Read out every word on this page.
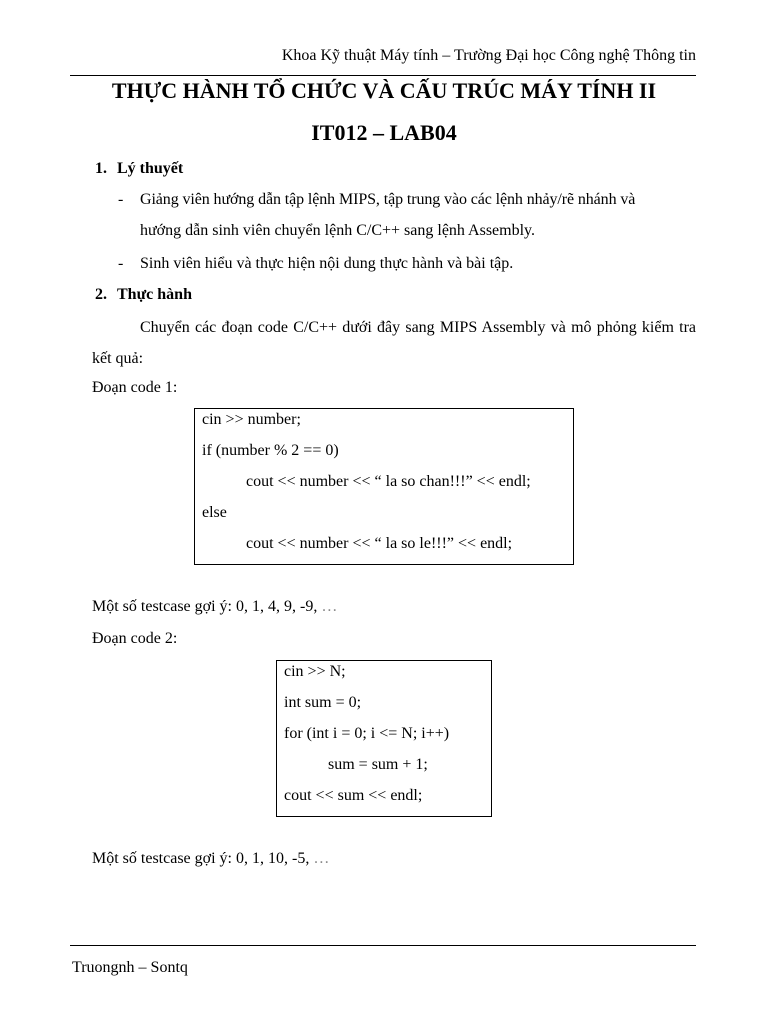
Khoa Kỹ thuật Máy tính – Trường Đại học Công nghệ Thông tin
THỰC HÀNH TỔ CHỨC VÀ CẤU TRÚC MÁY TÍNH II
IT012 – LAB04
1. Lý thuyết
- Giảng viên hướng dẫn tập lệnh MIPS, tập trung vào các lệnh nhảy/rẽ nhánh và
hướng dẫn sinh viên chuyển lệnh C/C++ sang lệnh Assembly.
- Sinh viên hiểu và thực hiện nội dung thực hành và bài tập.
2. Thực hành
Chuyển các đoạn code C/C++ dưới đây sang MIPS Assembly và mô phỏng kiểm tra kết quả:
Đoạn code 1:
cin >> number;
if (number % 2 == 0)
cout << number << “ la so chan!!!” << endl;
else
cout << number << “ la so le!!!” << endl;
Một số testcase gợi ý: 0, 1, 4, 9, -9, …
Đoạn code 2:
cin >> N;
int sum = 0;
for (int i = 0; i <= N; i++)
sum = sum + 1;
cout << sum << endl;
Một số testcase gợi ý: 0, 1, 10, -5, …
Truongnh – Sontq
